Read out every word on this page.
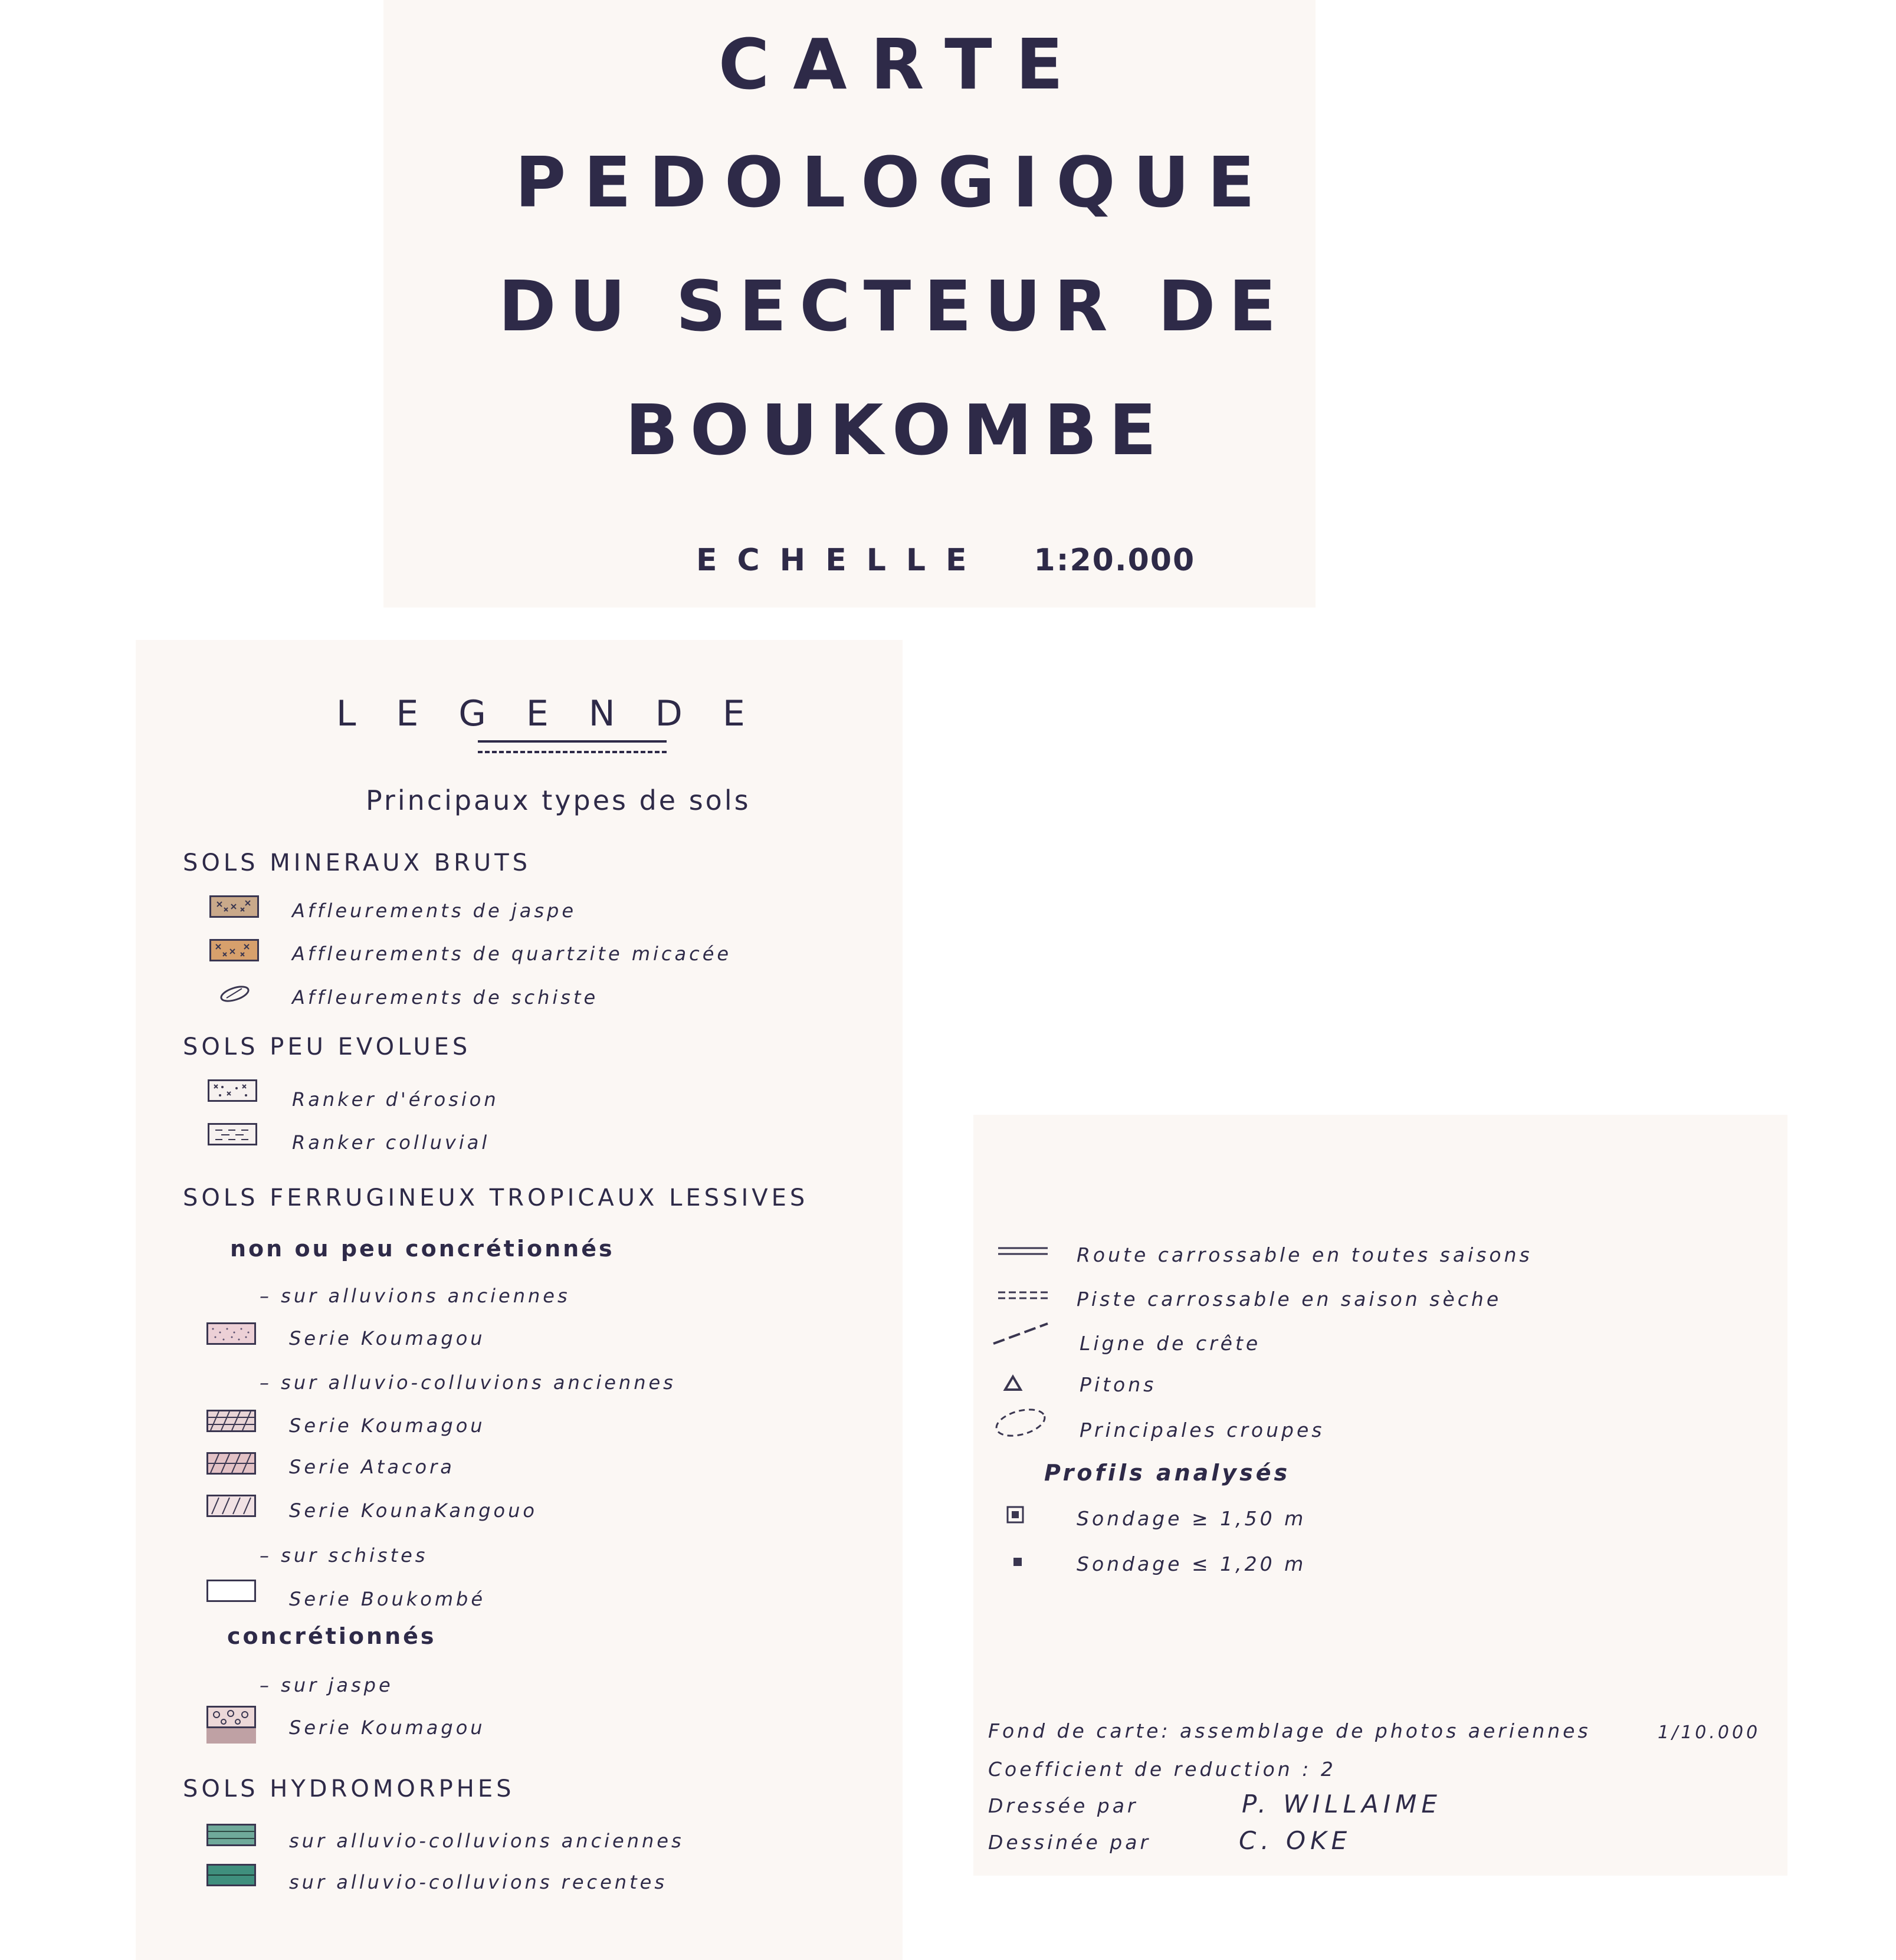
CARTE
PEDOLOGIQUE
DU SECTEUR DE
BOUKOMBE
ECHELLE 1:20.000
LEGENDE
Principaux types de sols
SOLS MINERAUX BRUTS
Affleurements de jaspe
Affleurements de quartzite micacée
Affleurements de schiste
SOLS PEU EVOLUES
Ranker d'érosion
Ranker colluvial
SOLS FERRUGINEUX TROPICAUX LESSIVES
non ou peu concrétionnés
– sur alluvions anciennes
Serie Koumagou
– sur alluvio-colluvions anciennes
Serie Koumagou
Serie Atacora
Serie KounaKangouo
– sur schistes
Serie Boukombé
concrétionnés
– sur jaspe
Serie Koumagou
SOLS HYDROMORPHES
sur alluvio-colluvions anciennes
sur alluvio-colluvions recentes
Route carrossable en toutes saisons
Piste carrossable en saison sèche
Ligne de crête
Pitons
Principales croupes
Profils analysés
Sondage ≥ 1,50 m
Sondage ≤ 1,20 m
Fond de carte: assemblage de photos aeriennes	1/10.000
Coefficient de reduction : 2
Dressée par	P. WILLAIME
Dessinée par	C. OKE
